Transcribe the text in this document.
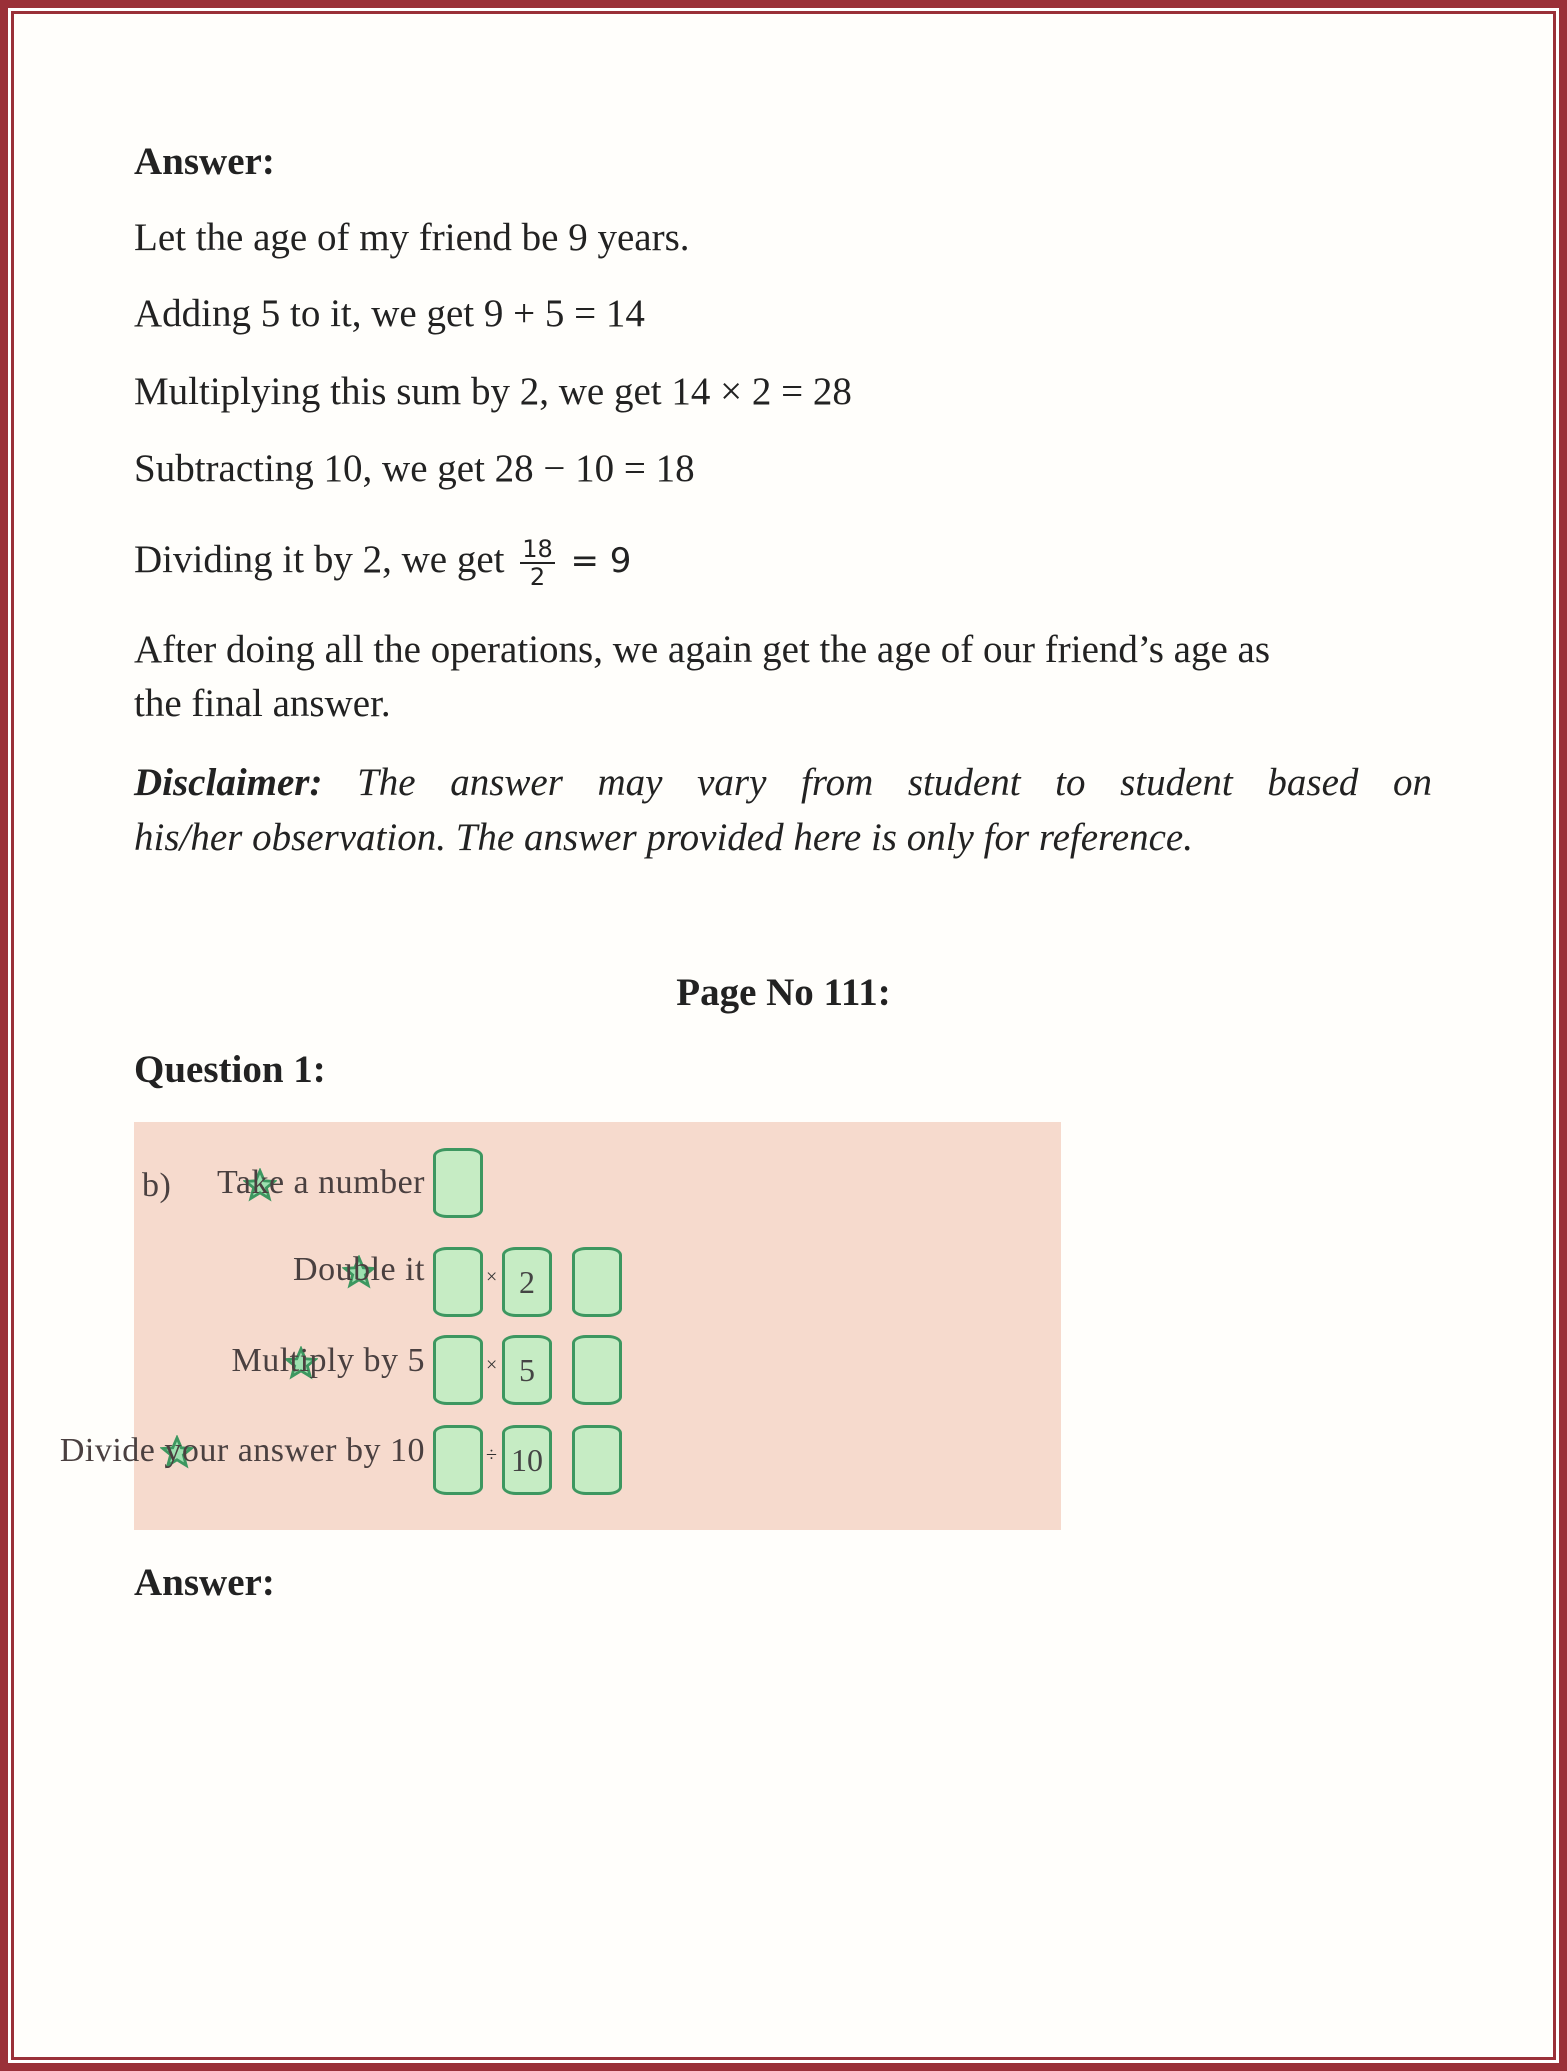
Answer:
Let the age of my friend be 9 years.
Adding 5 to it, we get 9 + 5 = 14
Multiplying this sum by 2, we get 14 × 2 = 28
Subtracting 10, we get 28 − 10 = 18
Dividing it by 2, we get $\frac{18}{2} = 9$
After doing all the operations, we again get the age of our friend’s age as
the final answer.
Disclaimer: The answer may vary from student to student based on
his/her observation. The answer provided here is only for reference.
Page No 111:
Question 1:
b) Take a number
Double it	× 2
Multiply by 5	× 5
Divide your answer by 10	÷ 10
Answer:
